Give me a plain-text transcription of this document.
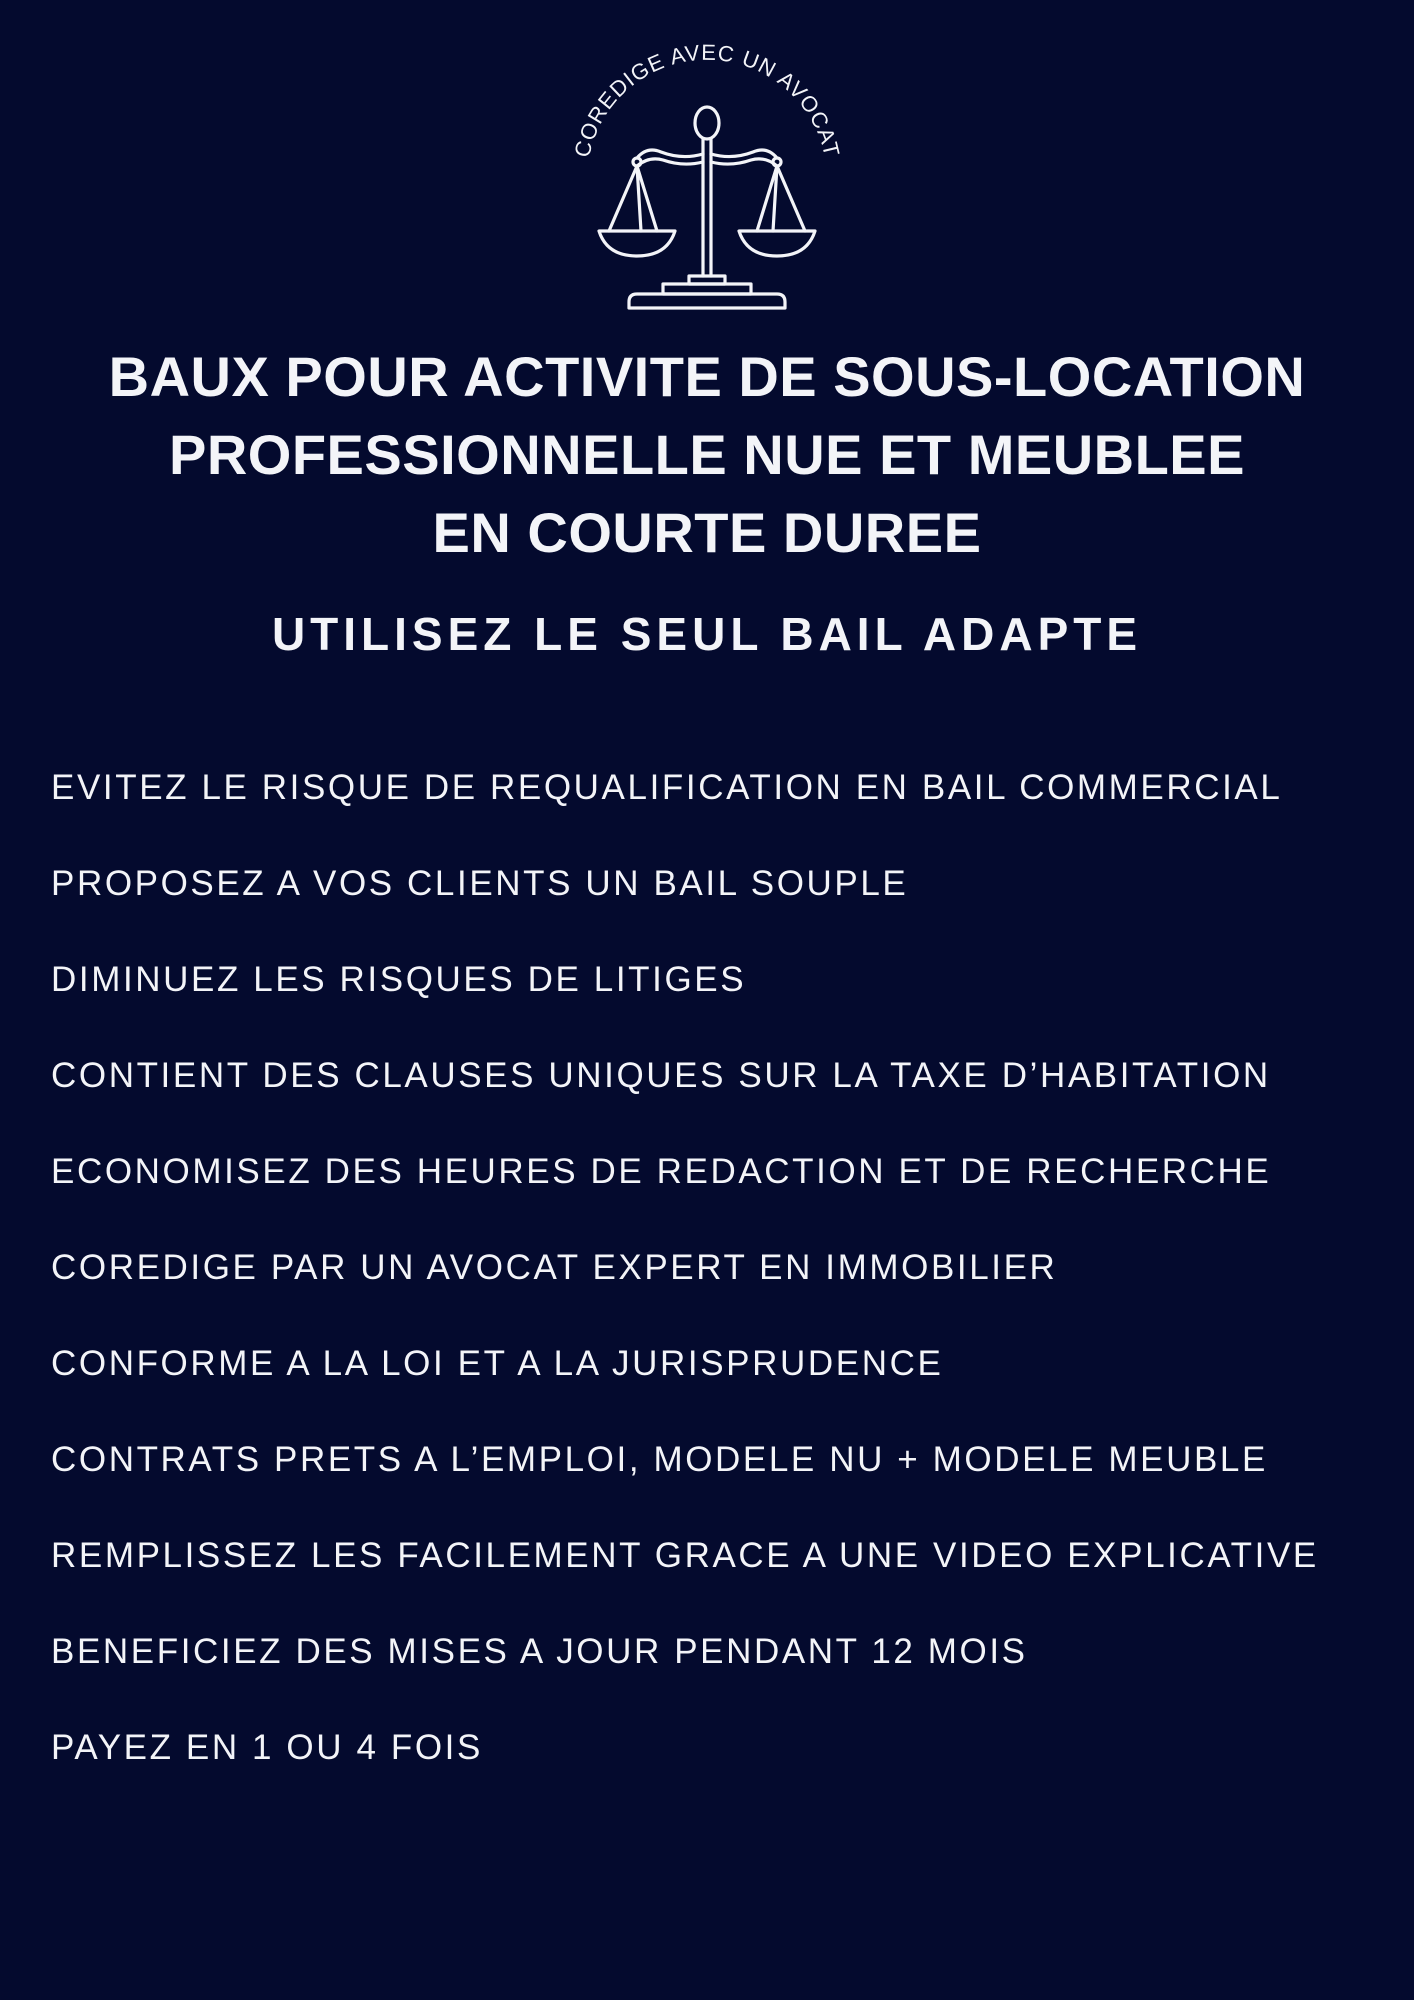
COREDIGE AVEC UN AVOCAT
BAUX POUR ACTIVITE DE SOUS-LOCATION
PROFESSIONNELLE NUE ET MEUBLEE
EN COURTE DUREE
UTILISEZ LE SEUL BAIL ADAPTE
EVITEZ LE RISQUE DE REQUALIFICATION EN BAIL COMMERCIAL
PROPOSEZ A VOS CLIENTS UN BAIL SOUPLE
DIMINUEZ LES RISQUES DE LITIGES
CONTIENT DES CLAUSES UNIQUES SUR LA TAXE D’HABITATION
ECONOMISEZ DES HEURES DE REDACTION ET DE RECHERCHE
COREDIGE PAR UN AVOCAT EXPERT EN IMMOBILIER
CONFORME A LA LOI ET A LA JURISPRUDENCE
CONTRATS PRETS A L’EMPLOI, MODELE NU + MODELE MEUBLE
REMPLISSEZ LES FACILEMENT GRACE A UNE VIDEO EXPLICATIVE
BENEFICIEZ DES MISES A JOUR PENDANT 12 MOIS
PAYEZ EN 1 OU 4 FOIS
